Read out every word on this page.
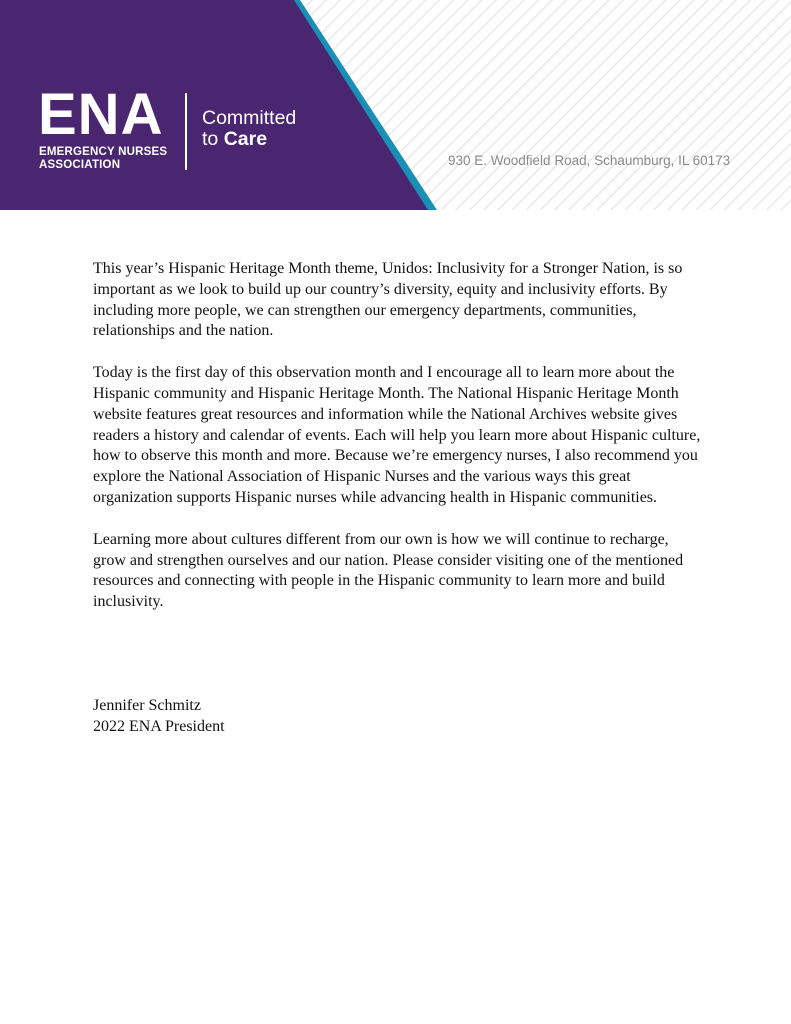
ENA
EMERGENCY NURSES
ASSOCIATION
Committed
to Care
930 E. Woodfield Road, Schaumburg, IL 60173

This year’s Hispanic Heritage Month theme, Unidos: Inclusivity for a Stronger Nation, is so important as we look to build up our country’s diversity, equity and inclusivity efforts. By including more people, we can strengthen our emergency departments, communities, relationships and the nation.

Today is the first day of this observation month and I encourage all to learn more about the Hispanic community and Hispanic Heritage Month. The National Hispanic Heritage Month website features great resources and information while the National Archives website gives readers a history and calendar of events. Each will help you learn more about Hispanic culture, how to observe this month and more. Because we’re emergency nurses, I also recommend you explore the National Association of Hispanic Nurses and the various ways this great organization supports Hispanic nurses while advancing health in Hispanic communities.

Learning more about cultures different from our own is how we will continue to recharge, grow and strengthen ourselves and our nation. Please consider visiting one of the mentioned resources and connecting with people in the Hispanic community to learn more and build inclusivity.

Jennifer Schmitz
2022 ENA President
